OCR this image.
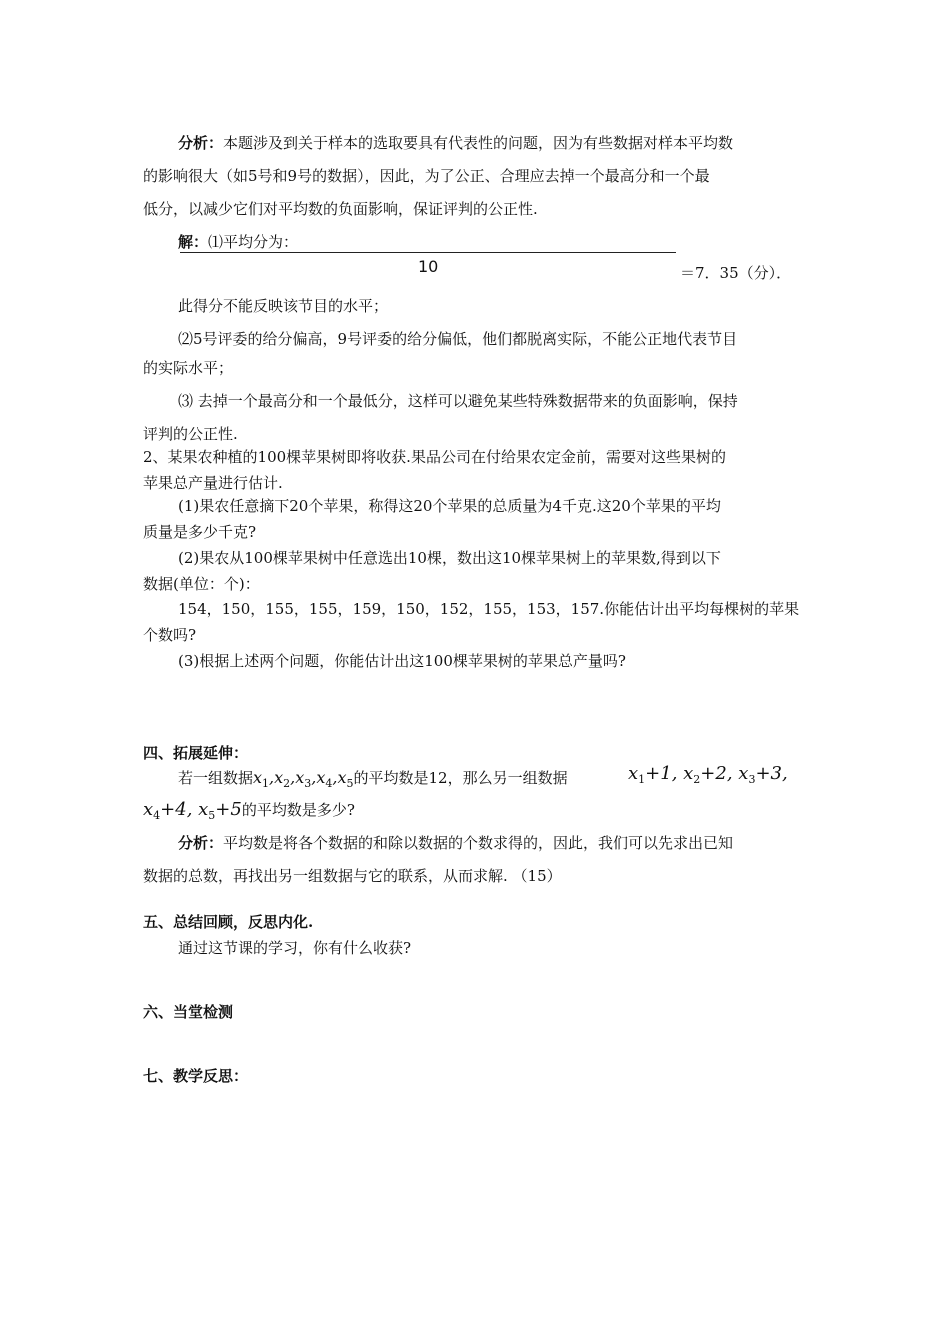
分析：本题涉及到关于样本的选取要具有代表性的问题，因为有些数据对样本平均数
的影响很大（如5号和9号的数据），因此，为了公正、合理应去掉一个最高分和一个最
低分，以减少它们对平均数的负面影响，保证评判的公正性.
解：⑴平均分为：
10	＝7．35（分）．
此得分不能反映该节目的水平；
⑵5号评委的给分偏高，9号评委的给分偏低，他们都脱离实际，不能公正地代表节目
的实际水平；
⑶ 去掉一个最高分和一个最低分，这样可以避免某些特殊数据带来的负面影响，保持
评判的公正性.
2、某果农种植的100棵苹果树即将收获.果品公司在付给果农定金前，需要对这些果树的
苹果总产量进行估计.
(1)果农任意摘下20个苹果，称得这20个苹果的总质量为4千克.这20个苹果的平均
质量是多少千克?
(2)果农从100棵苹果树中任意选出10棵，数出这10棵苹果树上的苹果数,得到以下
数据(单位：个)：
154，150，155，155，159，150，152，155，153，157.你能估计出平均每棵树的苹果
个数吗?
(3)根据上述两个问题，你能估计出这100棵苹果树的苹果总产量吗?
四、拓展延伸：
若一组数据$x_1,x_2,x_3,x_4,x_5$的平均数是12，那么另一组数据	$x_1+1$, $x_2+2$, $x_3+3$,
$x_4+4$, $x_5+5$的平均数是多少?
分析：平均数是将各个数据的和除以数据的个数求得的，因此，我们可以先求出已知
数据的总数，再找出另一组数据与它的联系，从而求解. （15）
五、总结回顾，反思内化.
通过这节课的学习，你有什么收获?
六、当堂检测
七、教学反思：
